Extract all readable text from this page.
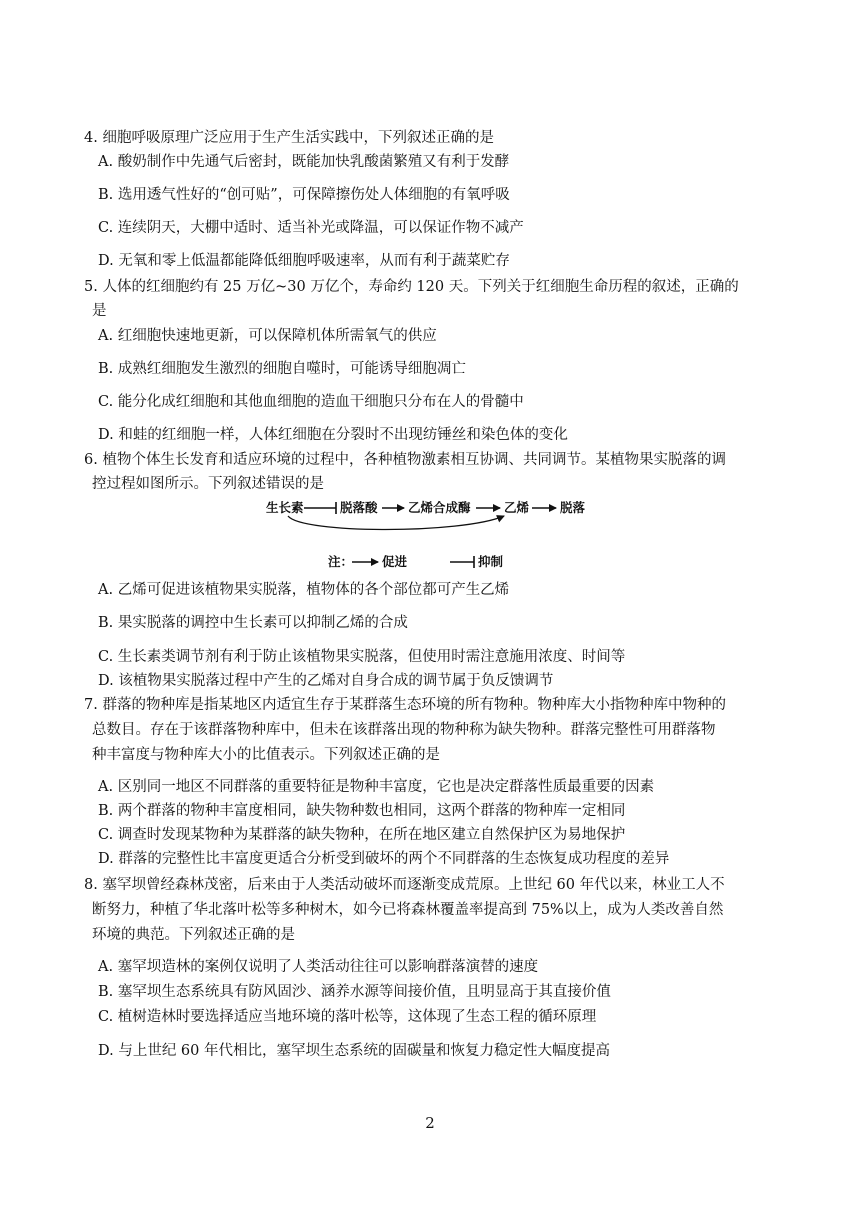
4. 细胞呼吸原理广泛应用于生产生活实践中，下列叙述正确的是
A. 酸奶制作中先通气后密封，既能加快乳酸菌繁殖又有利于发酵
B. 选用透气性好的“创可贴”，可保障擦伤处人体细胞的有氧呼吸
C. 连续阴天，大棚中适时、适当补光或降温，可以保证作物不减产
D. 无氧和零上低温都能降低细胞呼吸速率，从而有利于蔬菜贮存
5. 人体的红细胞约有 25 万亿~30 万亿个，寿命约 120 天。下列关于红细胞生命历程的叙述，正确的
是
A. 红细胞快速地更新，可以保障机体所需氧气的供应
B. 成熟红细胞发生激烈的细胞自噬时，可能诱导细胞凋亡
C. 能分化成红细胞和其他血细胞的造血干细胞只分布在人的骨髓中
D. 和蛙的红细胞一样，人体红细胞在分裂时不出现纺锤丝和染色体的变化
6. 植物个体生长发育和适应环境的过程中，各种植物激素相互协调、共同调节。某植物果实脱落的调
控过程如图所示。下列叙述错误的是
生长素	脱落酸 乙烯合成酶	乙烯 脱落
注： 促进	抑制
A. 乙烯可促进该植物果实脱落，植物体的各个部位都可产生乙烯
B. 果实脱落的调控中生长素可以抑制乙烯的合成
C. 生长素类调节剂有利于防止该植物果实脱落，但使用时需注意施用浓度、时间等
D. 该植物果实脱落过程中产生的乙烯对自身合成的调节属于负反馈调节
7. 群落的物种库是指某地区内适宜生存于某群落生态环境的所有物种。物种库大小指物种库中物种的
总数目。存在于该群落物种库中，但未在该群落出现的物种称为缺失物种。群落完整性可用群落物
种丰富度与物种库大小的比值表示。下列叙述正确的是
A. 区别同一地区不同群落的重要特征是物种丰富度，它也是决定群落性质最重要的因素
B. 两个群落的物种丰富度相同，缺失物种数也相同，这两个群落的物种库一定相同
C. 调查时发现某物种为某群落的缺失物种，在所在地区建立自然保护区为易地保护
D. 群落的完整性比丰富度更适合分析受到破坏的两个不同群落的生态恢复成功程度的差异
8. 塞罕坝曾经森林茂密，后来由于人类活动破坏而逐渐变成荒原。上世纪 60 年代以来，林业工人不
断努力，种植了华北落叶松等多种树木，如今已将森林覆盖率提高到 75%以上，成为人类改善自然
环境的典范。下列叙述正确的是
A. 塞罕坝造林的案例仅说明了人类活动往往可以影响群落演替的速度
B. 塞罕坝生态系统具有防风固沙、涵养水源等间接价值，且明显高于其直接价值
C. 植树造林时要选择适应当地环境的落叶松等，这体现了生态工程的循环原理
D. 与上世纪 60 年代相比，塞罕坝生态系统的固碳量和恢复力稳定性大幅度提高
2
